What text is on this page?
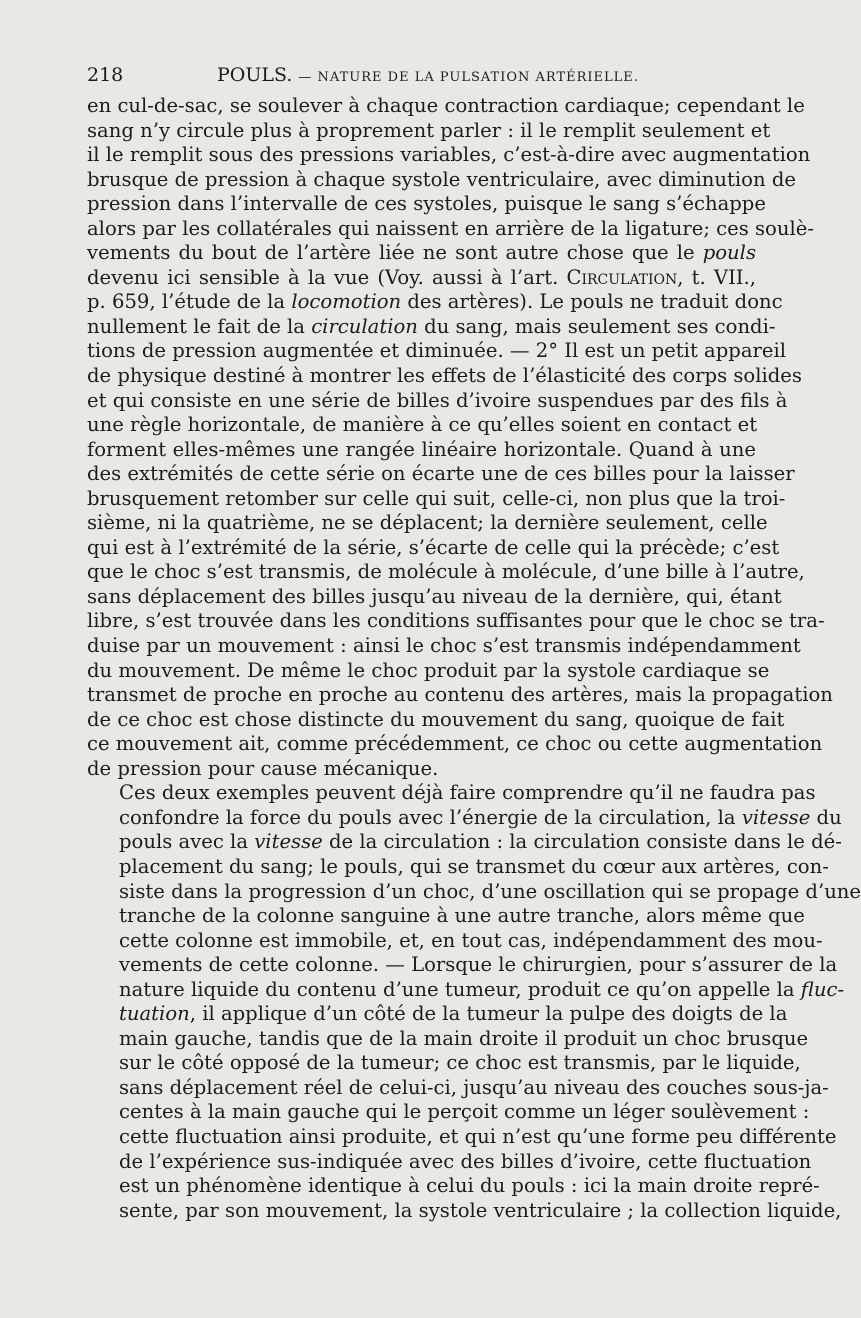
218	POULS. — NATURE DE LA PULSATION ARTÉRIELLE.

en cul-de-sac, se soulever à chaque contraction cardiaque; cependant le
sang n’y circule plus à proprement parler : il le remplit seulement et
il le remplit sous des pressions variables, c’est-à-dire avec augmentation
brusque de pression à chaque systole ventriculaire, avec diminution de
pression dans l’intervalle de ces systoles, puisque le sang s’échappe
alors par les collatérales qui naissent en arrière de la ligature; ces soulè-
vements du bout de l’artère liée ne sont autre chose que le pouls
devenu ici sensible à la vue (Voy. aussi à l’art. Circulation, t. VII.,
p. 659, l’étude de la locomotion des artères). Le pouls ne traduit donc
nullement le fait de la circulation du sang, mais seulement ses condi-
tions de pression augmentée et diminuée. — 2° Il est un petit appareil
de physique destiné à montrer les effets de l’élasticité des corps solides
et qui consiste en une série de billes d’ivoire suspendues par des fils à
une règle horizontale, de manière à ce qu’elles soient en contact et
forment elles-mêmes une rangée linéaire horizontale. Quand à une
des extrémités de cette série on écarte une de ces billes pour la laisser
brusquement retomber sur celle qui suit, celle-ci, non plus que la troi-
sième, ni la quatrième, ne se déplacent; la dernière seulement, celle
qui est à l’extrémité de la série, s’écarte de celle qui la précède; c’est
que le choc s’est transmis, de molécule à molécule, d’une bille à l’autre,
sans déplacement des billes jusqu’au niveau de la dernière, qui, étant
libre, s’est trouvée dans les conditions suffisantes pour que le choc se tra-
duise par un mouvement : ainsi le choc s’est transmis indépendamment
du mouvement. De même le choc produit par la systole cardiaque se
transmet de proche en proche au contenu des artères, mais la propagation
de ce choc est chose distincte du mouvement du sang, quoique de fait
ce mouvement ait, comme précédemment, ce choc ou cette augmentation
de pression pour cause mécanique.

Ces deux exemples peuvent déjà faire comprendre qu’il ne faudra pas
confondre la force du pouls avec l’énergie de la circulation, la vitesse du
pouls avec la vitesse de la circulation : la circulation consiste dans le dé-
placement du sang; le pouls, qui se transmet du cœur aux artères, con-
siste dans la progression d’un choc, d’une oscillation qui se propage d’une
tranche de la colonne sanguine à une autre tranche, alors même que
cette colonne est immobile, et, en tout cas, indépendamment des mou-
vements de cette colonne. — Lorsque le chirurgien, pour s’assurer de la
nature liquide du contenu d’une tumeur, produit ce qu’on appelle la fluc-
tuation, il applique d’un côté de la tumeur la pulpe des doigts de la
main gauche, tandis que de la main droite il produit un choc brusque
sur le côté opposé de la tumeur; ce choc est transmis, par le liquide,
sans déplacement réel de celui-ci, jusqu’au niveau des couches sous-ja-
centes à la main gauche qui le perçoit comme un léger soulèvement :
cette fluctuation ainsi produite, et qui n’est qu’une forme peu différente
de l’expérience sus-indiquée avec des billes d’ivoire, cette fluctuation
est un phénomène identique à celui du pouls : ici la main droite repré-
sente, par son mouvement, la systole ventriculaire ; la collection liquide,
